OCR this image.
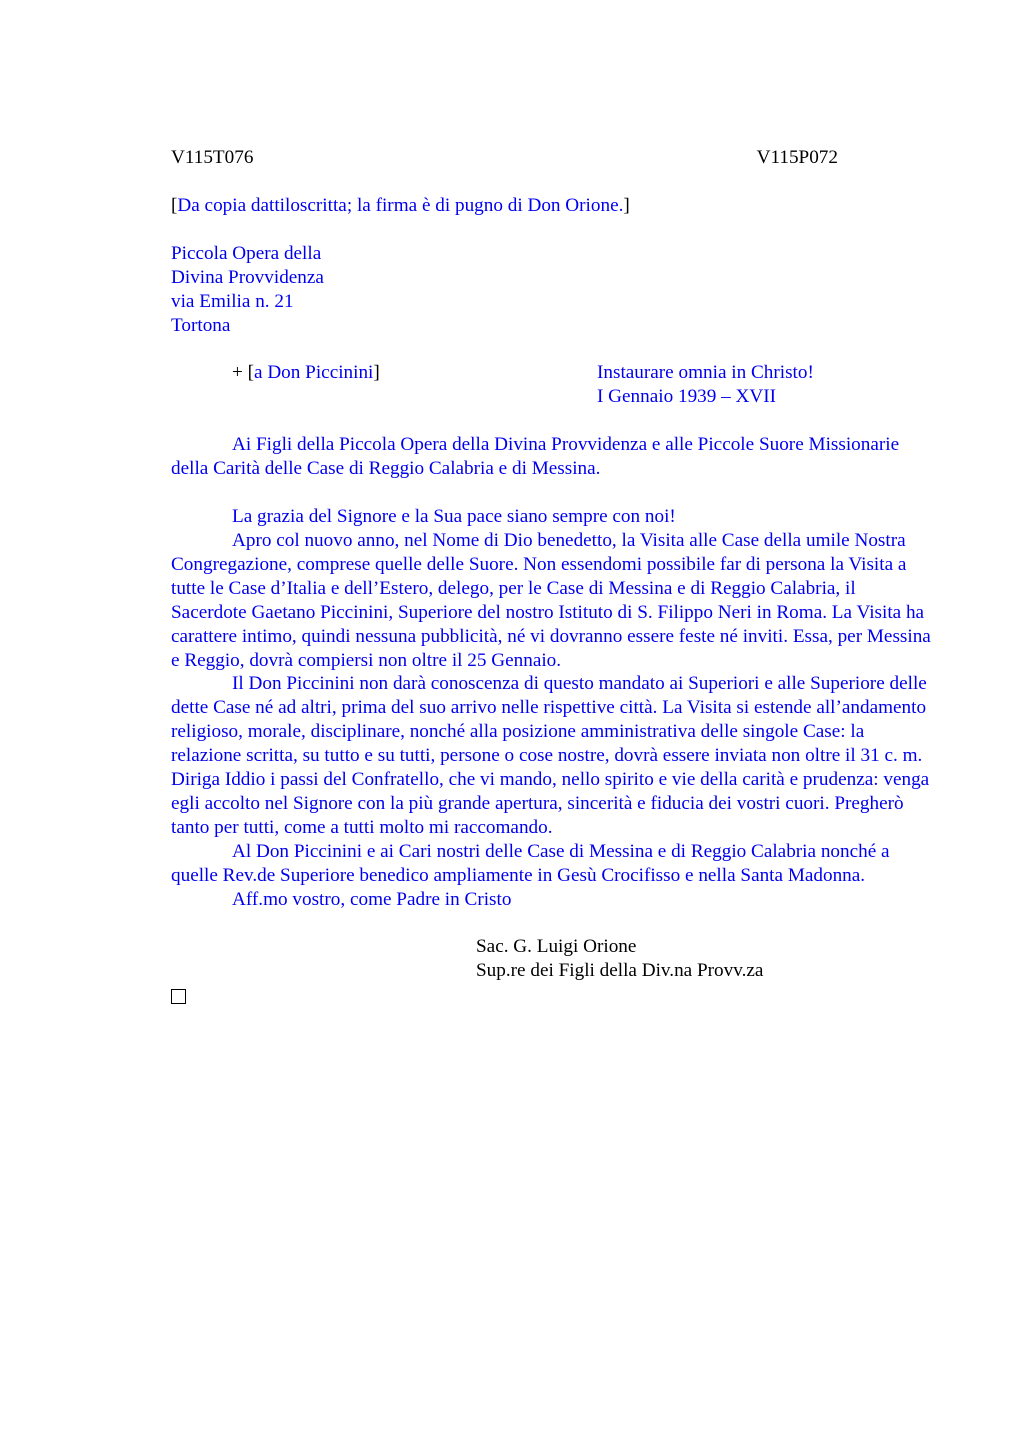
V115T076	V115P072

[Da copia dattiloscritta; la firma è di pugno di Don Orione.]

Piccola Opera della

Divina Provvidenza

via Emilia n. 21

Tortona

+ [a Don Piccinini]	Instaurare omnia in Christo!

I Gennaio 1939 – XVII

Ai Figli della Piccola Opera della Divina Provvidenza e alle Piccole Suore Missionarie della Carità delle Case di Reggio Calabria e di Messina.

La grazia del Signore e la Sua pace siano sempre con noi!

Apro col nuovo anno, nel Nome di Dio benedetto, la Visita alle Case della umile Nostra Congregazione, comprese quelle delle Suore. Non essendomi possibile far di persona la Visita a tutte le Case d’Italia e dell’Estero, delego, per le Case di Messina e di Reggio Calabria, il Sacerdote Gaetano Piccinini, Superiore del nostro Istituto di S. Filippo Neri in Roma. La Visita ha carattere intimo, quindi nessuna pubblicità, né vi dovranno essere feste né inviti. Essa, per Messina e Reggio, dovrà compiersi non oltre il 25 Gennaio.

Il Don Piccinini non darà conoscenza di questo mandato ai Superiori e alle Superiore delle dette Case né ad altri, prima del suo arrivo nelle rispettive città. La Visita si estende all’andamento religioso, morale, disciplinare, nonché alla posizione amministrativa delle singole Case: la relazione scritta, su tutto e su tutti, persone o cose nostre, dovrà essere inviata non oltre il 31 c. m. Diriga Iddio i passi del Confratello, che vi mando, nello spirito e vie della carità e prudenza: venga egli accolto nel Signore con la più grande apertura, sincerità e fiducia dei vostri cuori. Pregherò tanto per tutti, come a tutti molto mi raccomando.

Al Don Piccinini e ai Cari nostri delle Case di Messina e di Reggio Calabria nonché a quelle Rev.de Superiore benedico ampliamente in Gesù Crocifisso e nella Santa Madonna.

Aff.mo vostro, come Padre in Cristo

Sac. G. Luigi Orione

Sup.re dei Figli della Div.na Provv.za
